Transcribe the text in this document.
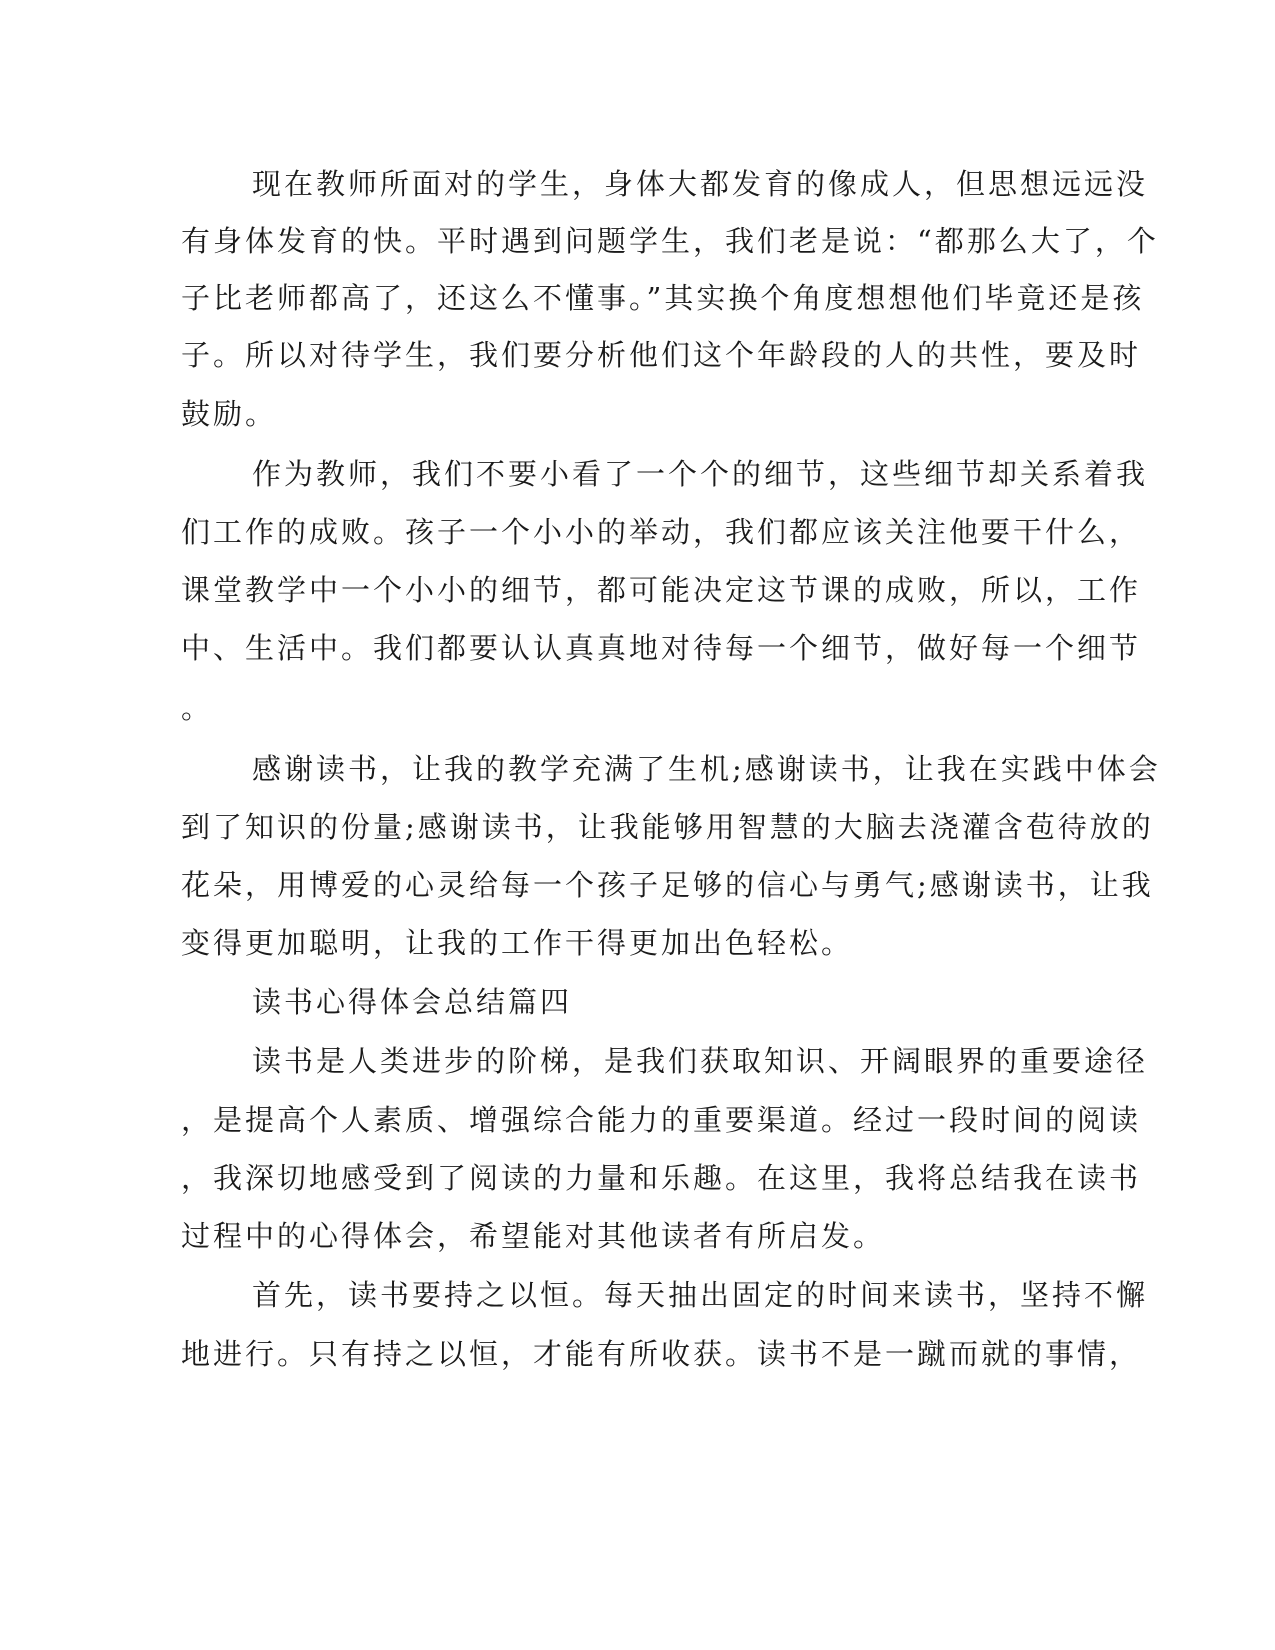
现在教师所面对的学生，身体大都发育的像成人，但思想远远没
有身体发育的快。平时遇到问题学生，我们老是说：“都那么大了，个
子比老师都高了，还这么不懂事。”其实换个角度想想他们毕竟还是孩
子。所以对待学生，我们要分析他们这个年龄段的人的共性，要及时
鼓励。
作为教师，我们不要小看了一个个的细节，这些细节却关系着我
们工作的成败。孩子一个小小的举动，我们都应该关注他要干什么，
课堂教学中一个小小的细节，都可能决定这节课的成败，所以，工作
中、生活中。我们都要认认真真地对待每一个细节，做好每一个细节
。
感谢读书，让我的教学充满了生机;感谢读书，让我在实践中体会
到了知识的份量;感谢读书，让我能够用智慧的大脑去浇灌含苞待放的
花朵，用博爱的心灵给每一个孩子足够的信心与勇气;感谢读书，让我
变得更加聪明，让我的工作干得更加出色轻松。
读书心得体会总结篇四
读书是人类进步的阶梯，是我们获取知识、开阔眼界的重要途径
，是提高个人素质、增强综合能力的重要渠道。经过一段时间的阅读
，我深切地感受到了阅读的力量和乐趣。在这里，我将总结我在读书
过程中的心得体会，希望能对其他读者有所启发。
首先，读书要持之以恒。每天抽出固定的时间来读书，坚持不懈
地进行。只有持之以恒，才能有所收获。读书不是一蹴而就的事情，
